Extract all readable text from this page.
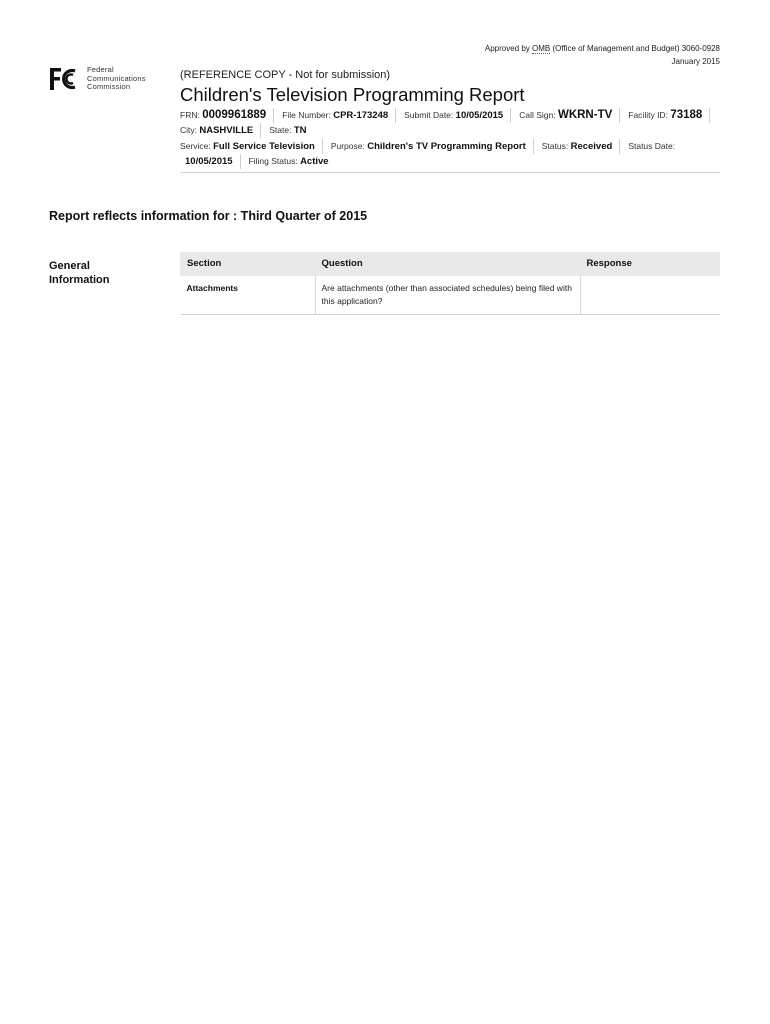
Approved by OMB (Office of Management and Budget) 3060-0928
January 2015
Federal
Communications
Commission
(REFERENCE COPY - Not for submission)
Children's Television Programming Report
FRN: 0009961889	File Number: CPR-173248	Submit Date: 10/05/2015	Call Sign: WKRN-TV	Facility ID: 73188
City: NASHVILLE	State: TN
Service: Full Service Television	Purpose: Children's TV Programming Report	Status: Received	Status Date:
10/05/2015	Filing Status: Active
Report reflects information for : Third Quarter of 2015
General
Information
Section	Question	Response
Attachments	Are attachments (other than associated schedules) being filed with this application?	
